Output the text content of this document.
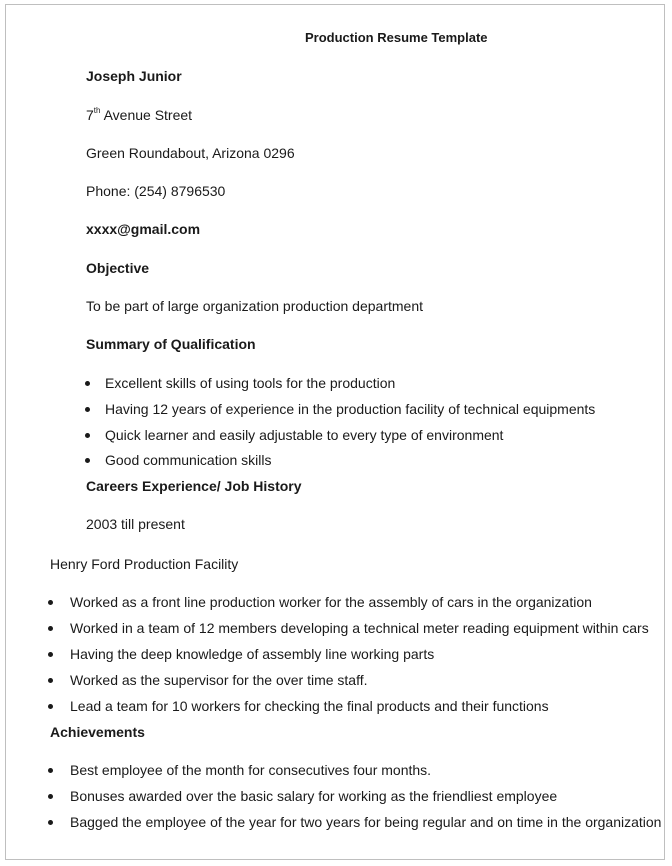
Production Resume Template
Joseph Junior
7th Avenue Street
Green Roundabout, Arizona 0296
Phone: (254) 8796530
xxxx@gmail.com
Objective
To be part of large organization production department
Summary of Qualification
Excellent skills of using tools for the production
Having 12 years of experience in the production facility of technical equipments
Quick learner and easily adjustable to every type of environment
Good communication skills
Careers Experience/ Job History
2003 till present
Henry Ford Production Facility
Worked as a front line production worker for the assembly of cars in the organization
Worked in a team of 12 members developing a technical meter reading equipment within cars
Having the deep knowledge of assembly line working parts
Worked as the supervisor for the over time staff.
Lead a team for 10 workers for checking the final products and their functions
Achievements
Best employee of the month for consecutives four months.
Bonuses awarded over the basic salary for working as the friendliest employee
Bagged the employee of the year for two years for being regular and on time in the organization
